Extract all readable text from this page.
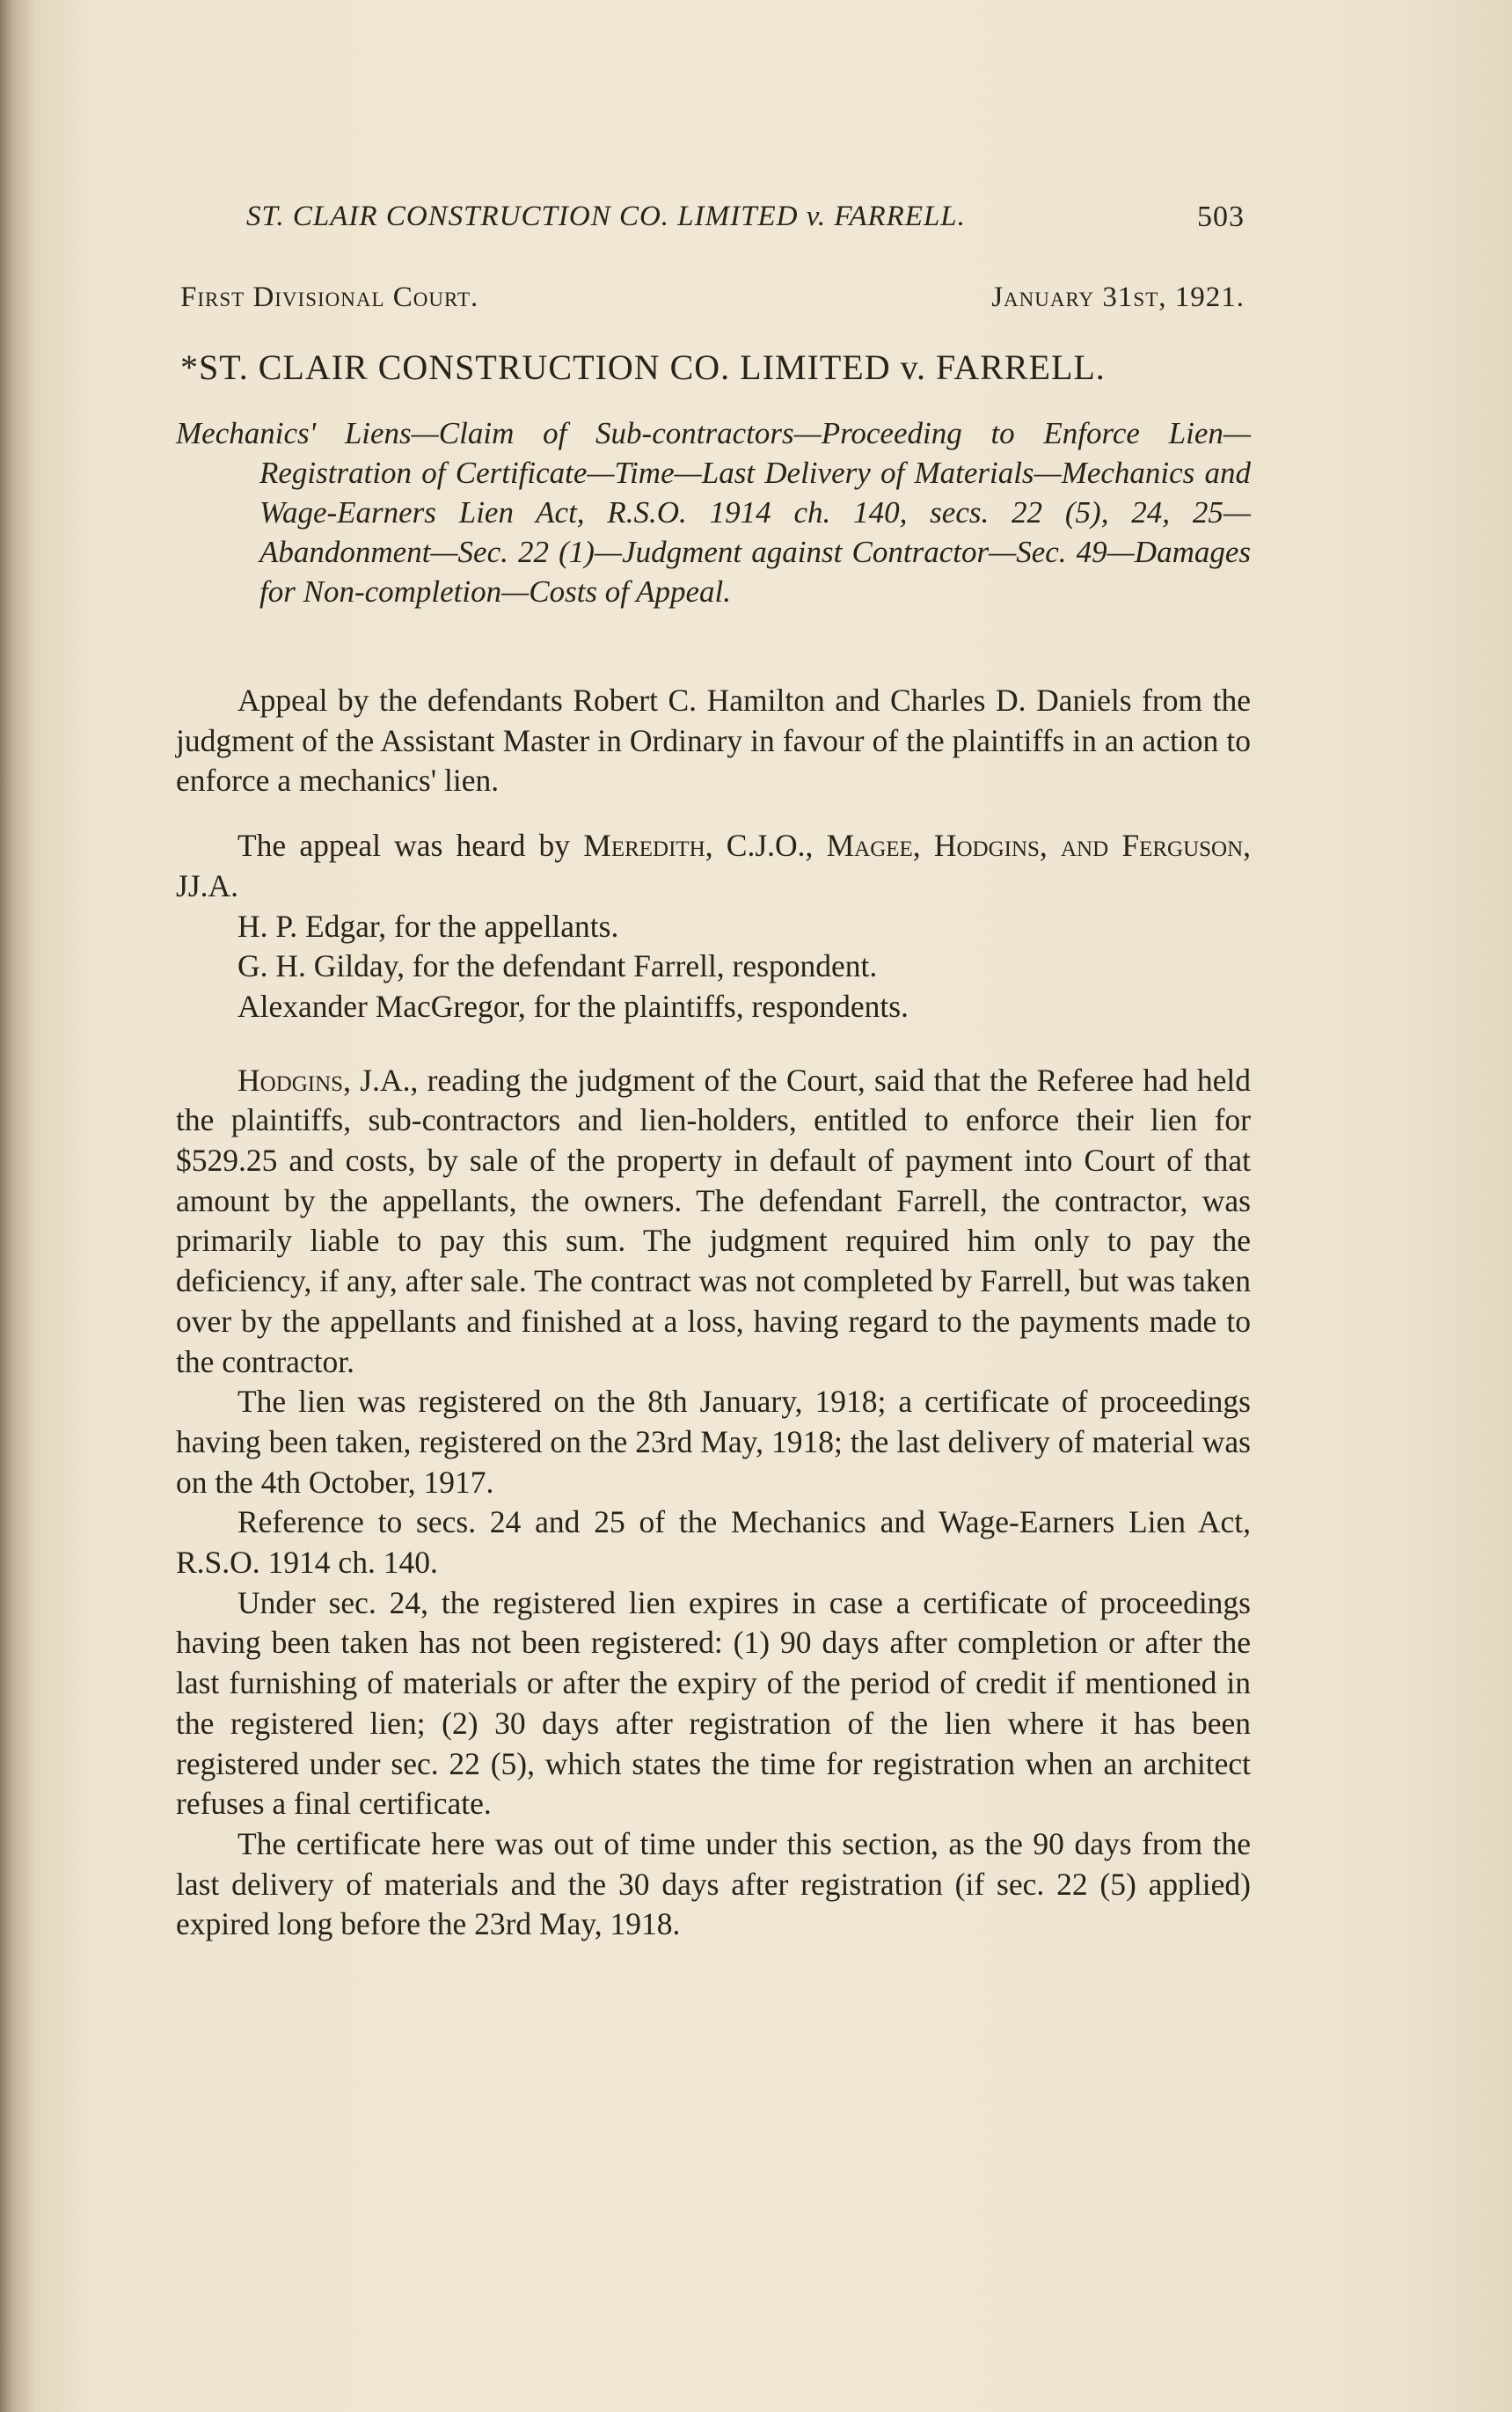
ST. CLAIR CONSTRUCTION CO. LIMITED v. FARRELL.	503
First Divisional Court.	January 31st, 1921.
*ST. CLAIR CONSTRUCTION CO. LIMITED v. FARRELL.
Mechanics' Liens—Claim of Sub-contractors—Proceeding to Enforce Lien—Registration of Certificate—Time—Last Delivery of Materials—Mechanics and Wage-Earners Lien Act, R.S.O. 1914 ch. 140, secs. 22 (5), 24, 25—Abandonment—Sec. 22 (1)—Judgment against Contractor—Sec. 49—Damages for Non-completion—Costs of Appeal.

Appeal by the defendants Robert C. Hamilton and Charles D. Daniels from the judgment of the Assistant Master in Ordinary in favour of the plaintiffs in an action to enforce a mechanics' lien.

The appeal was heard by Meredith, C.J.O., Magee, Hodgins, and Ferguson, JJ.A.

H. P. Edgar, for the appellants.

G. H. Gilday, for the defendant Farrell, respondent.

Alexander MacGregor, for the plaintiffs, respondents.

Hodgins, J.A., reading the judgment of the Court, said that the Referee had held the plaintiffs, sub-contractors and lien-holders, entitled to enforce their lien for $529.25 and costs, by sale of the property in default of payment into Court of that amount by the appellants, the owners. The defendant Farrell, the contractor, was primarily liable to pay this sum. The judgment required him only to pay the deficiency, if any, after sale. The contract was not completed by Farrell, but was taken over by the appellants and finished at a loss, having regard to the payments made to the contractor.

The lien was registered on the 8th January, 1918; a certificate of proceedings having been taken, registered on the 23rd May, 1918; the last delivery of material was on the 4th October, 1917.

Reference to secs. 24 and 25 of the Mechanics and Wage-Earners Lien Act, R.S.O. 1914 ch. 140.

Under sec. 24, the registered lien expires in case a certificate of proceedings having been taken has not been registered: (1) 90 days after completion or after the last furnishing of materials or after the expiry of the period of credit if mentioned in the registered lien; (2) 30 days after registration of the lien where it has been registered under sec. 22 (5), which states the time for registration when an architect refuses a final certificate.

The certificate here was out of time under this section, as the 90 days from the last delivery of materials and the 30 days after registration (if sec. 22 (5) applied) expired long before the 23rd May, 1918.
